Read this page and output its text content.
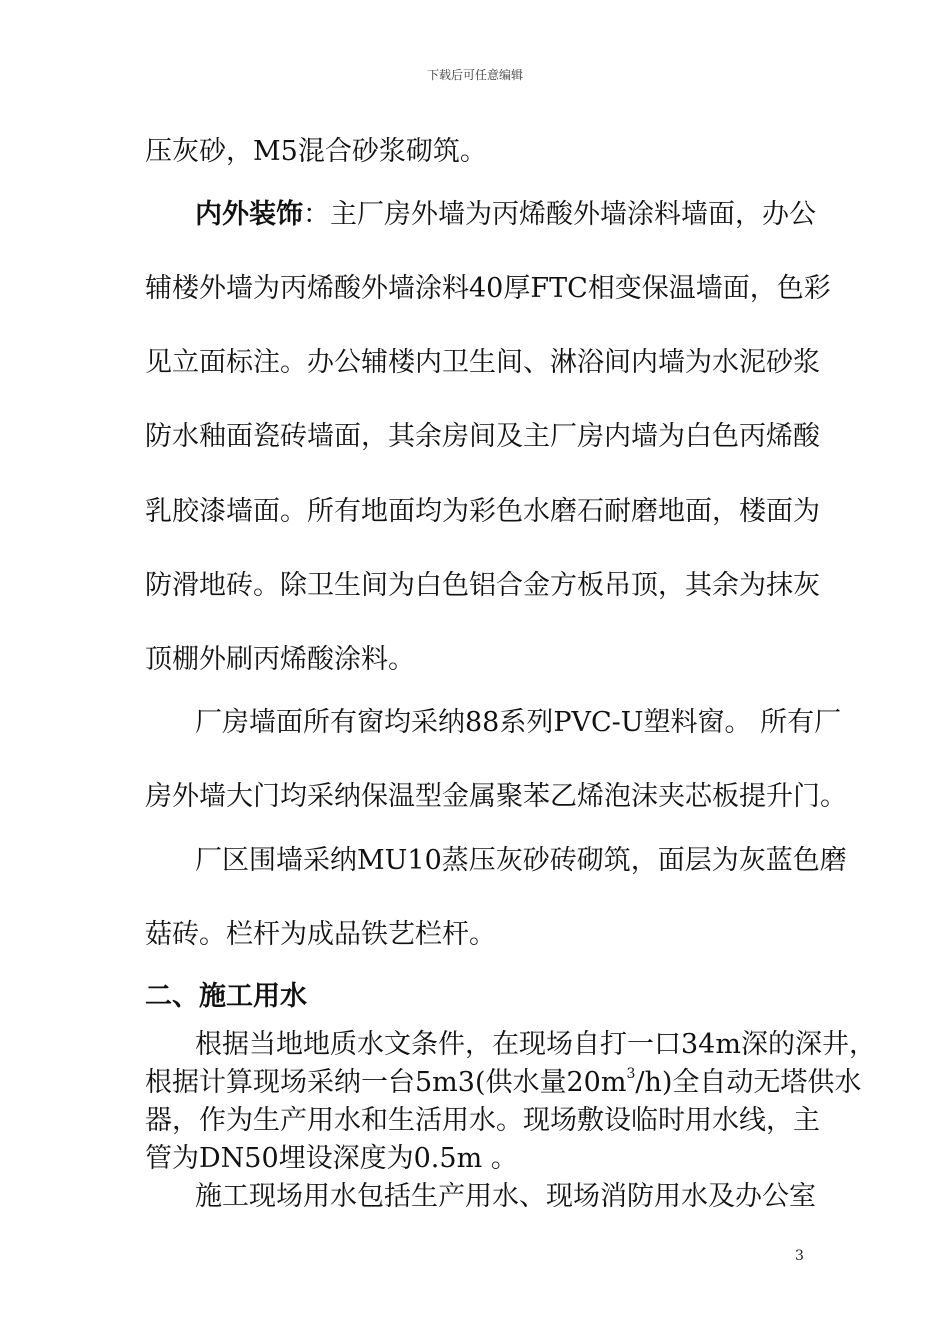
下载后可任意编辑
压灰砂，M5混合砂浆砌筑。
内外装饰：主厂房外墙为丙烯酸外墙涂料墙面，办公
辅楼外墙为丙烯酸外墙涂料40厚FTC相变保温墙面，色彩
见立面标注。办公辅楼内卫生间、淋浴间内墙为水泥砂浆
防水釉面瓷砖墙面，其余房间及主厂房内墙为白色丙烯酸
乳胶漆墙面。所有地面均为彩色水磨石耐磨地面，楼面为
防滑地砖。除卫生间为白色铝合金方板吊顶，其余为抹灰
顶棚外刷丙烯酸涂料。
厂房墙面所有窗均采纳88系列PVC-U塑料窗。 所有厂
房外墙大门均采纳保温型金属聚苯乙烯泡沫夹芯板提升门。
厂区围墙采纳MU10蒸压灰砂砖砌筑，面层为灰蓝色磨
菇砖。栏杆为成品铁艺栏杆。
二、施工用水
根据当地地质水文条件，在现场自打一口34m深的深井，
根据计算现场采纳一台5m3(供水量$20m^3/h$)全自动无塔供水
器，作为生产用水和生活用水。现场敷设临时用水线，主
管为DN50埋设深度为0.5m 。
施工现场用水包括生产用水、现场消防用水及办公室
3
